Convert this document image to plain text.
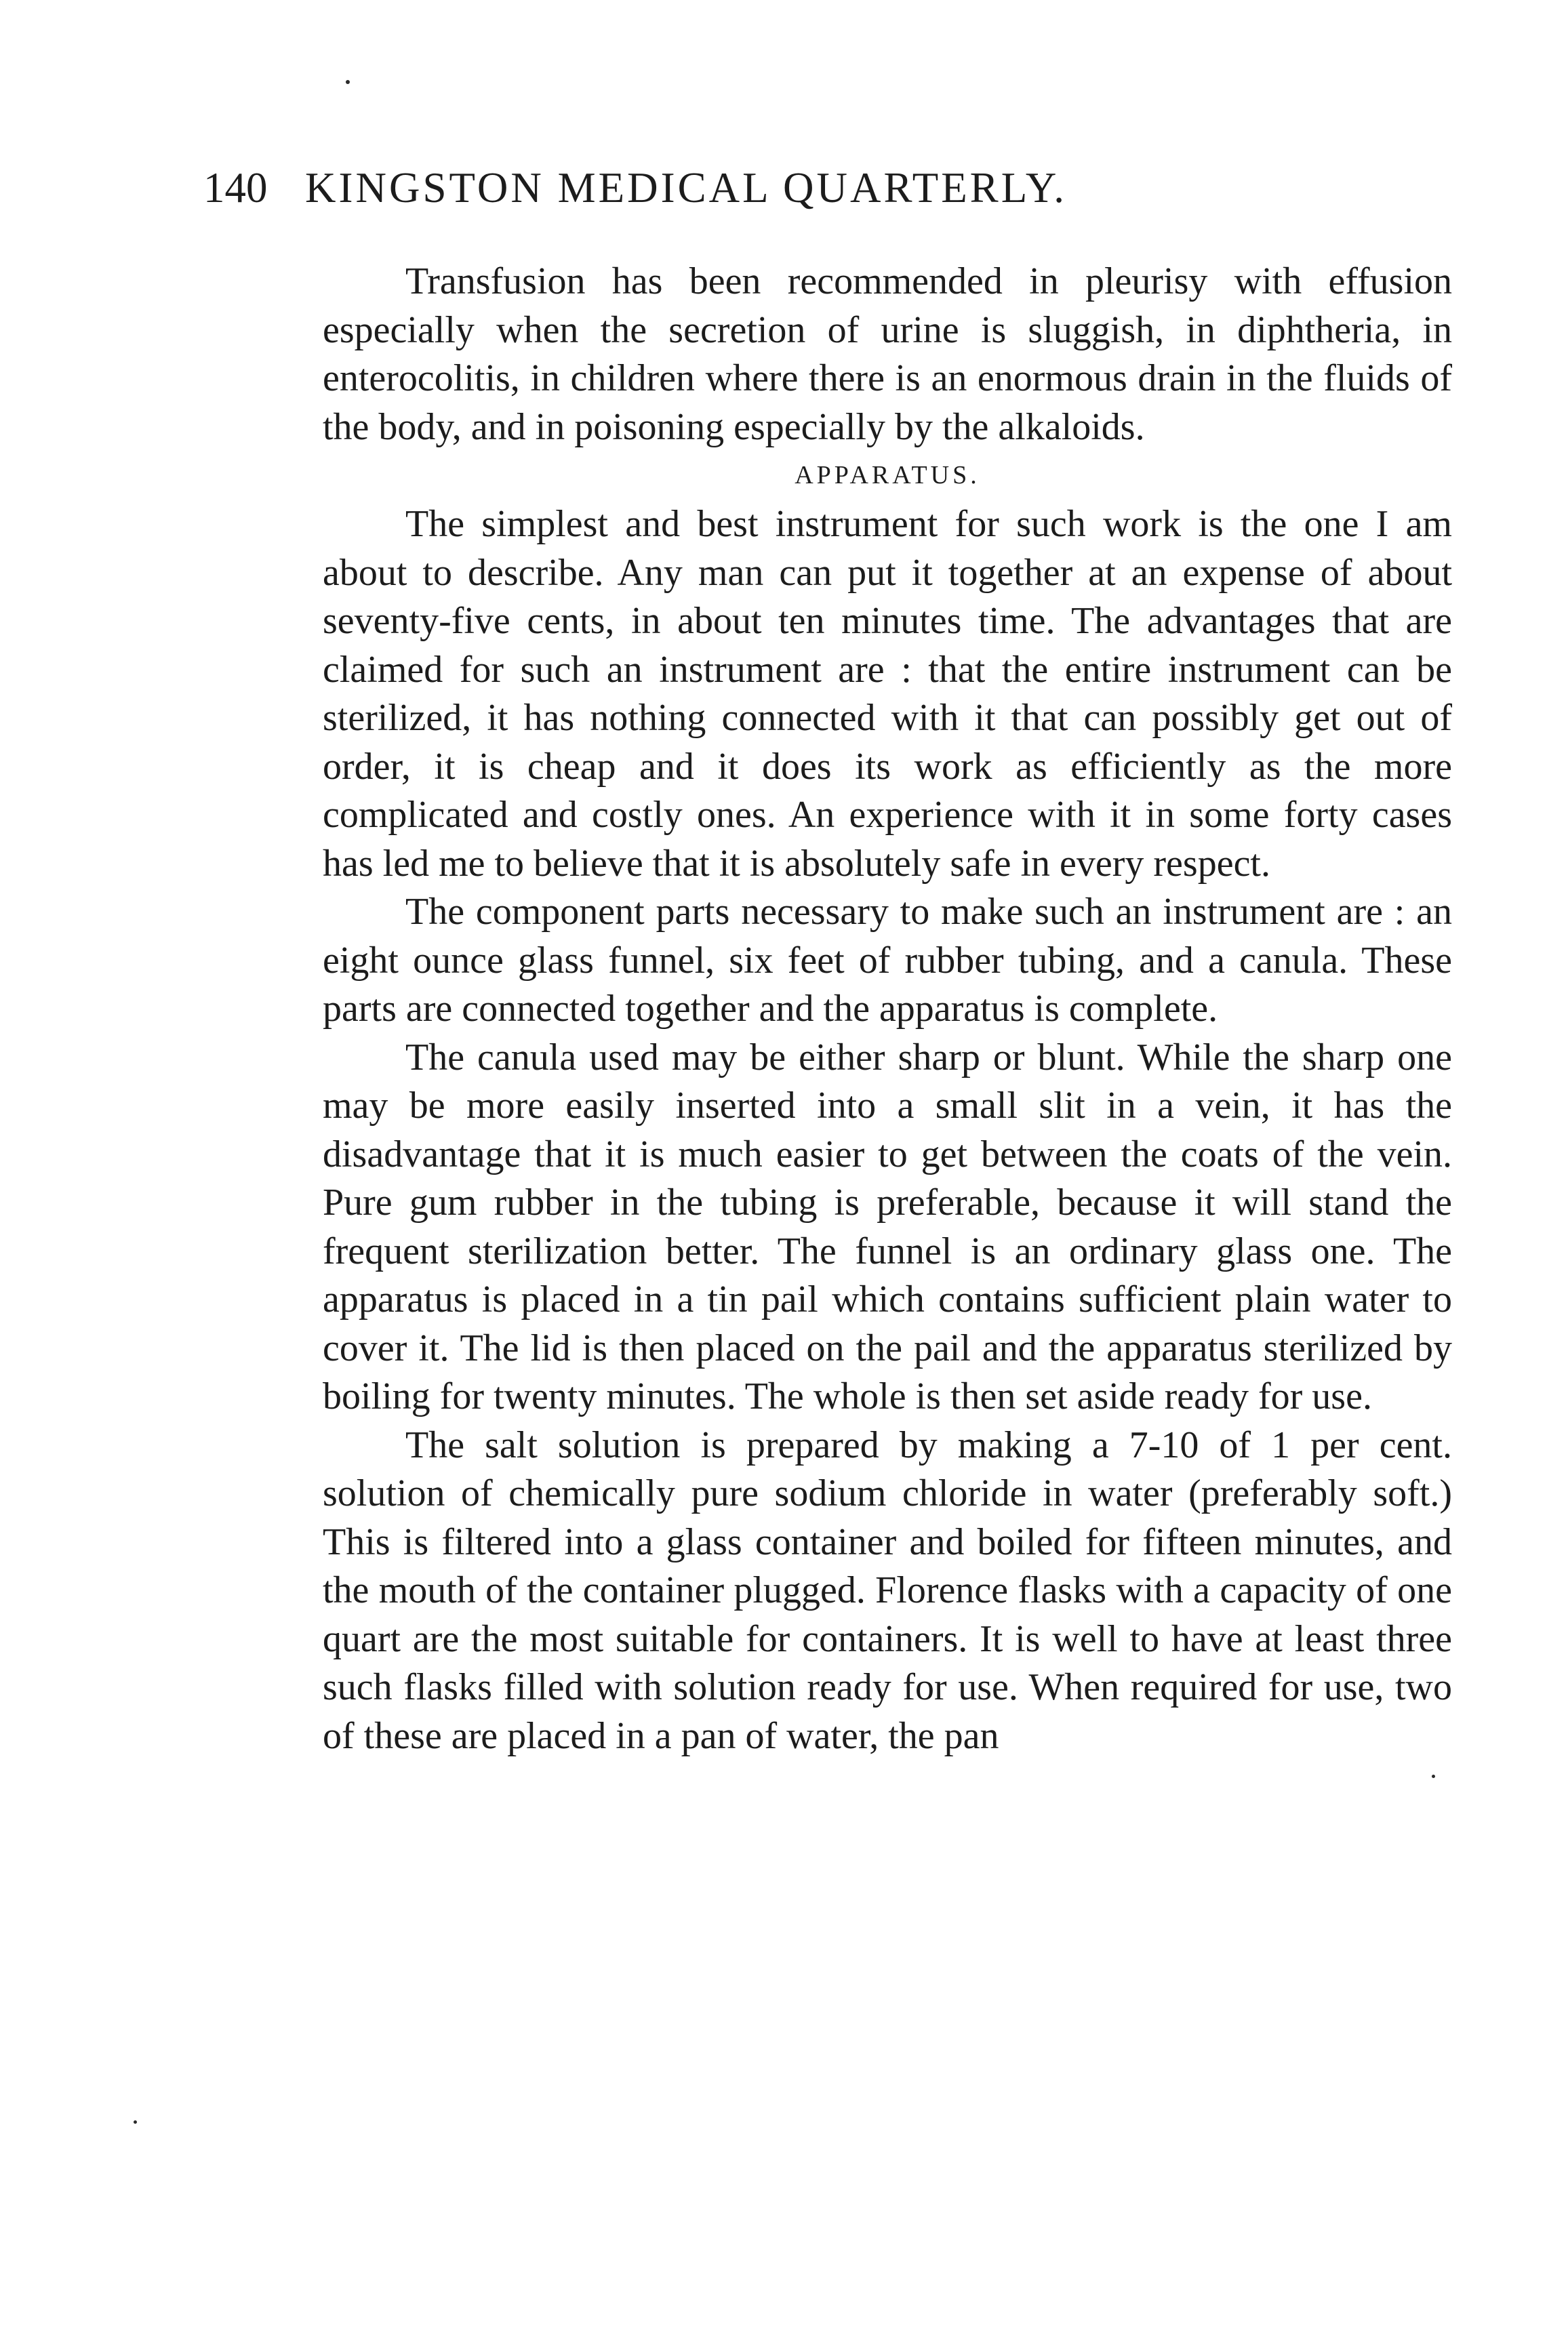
140 KINGSTON MEDICAL QUARTERLY.

Transfusion has been recommended in pleurisy with effusion especially when the secretion of urine is sluggish, in diphtheria, in enterocolitis, in children where there is an enormous drain in the fluids of the body, and in poisoning especially by the alkaloids.

APPARATUS.

The simplest and best instrument for such work is the one I am about to describe. Any man can put it together at an expense of about seventy-five cents, in about ten minutes time. The advantages that are claimed for such an instrument are : that the entire instrument can be sterilized, it has nothing connected with it that can possibly get out of order, it is cheap and it does its work as efficiently as the more complicated and costly ones. An experience with it in some forty cases has led me to believe that it is absolutely safe in every respect.

The component parts necessary to make such an instrument are : an eight ounce glass funnel, six feet of rubber tubing, and a canula. These parts are connected together and the apparatus is complete.

The canula used may be either sharp or blunt. While the sharp one may be more easily inserted into a small slit in a vein, it has the disadvantage that it is much easier to get between the coats of the vein. Pure gum rubber in the tubing is preferable, because it will stand the frequent sterilization better. The funnel is an ordinary glass one. The apparatus is placed in a tin pail which contains sufficient plain water to cover it. The lid is then placed on the pail and the apparatus sterilized by boiling for twenty minutes. The whole is then set aside ready for use.

The salt solution is prepared by making a 7-10 of 1 per cent. solution of chemically pure sodium chloride in water (preferably soft.) This is filtered into a glass container and boiled for fifteen minutes, and the mouth of the container plugged. Florence flasks with a capacity of one quart are the most suitable for containers. It is well to have at least three such flasks filled with solution ready for use. When required for use, two of these are placed in a pan of water, the pan
